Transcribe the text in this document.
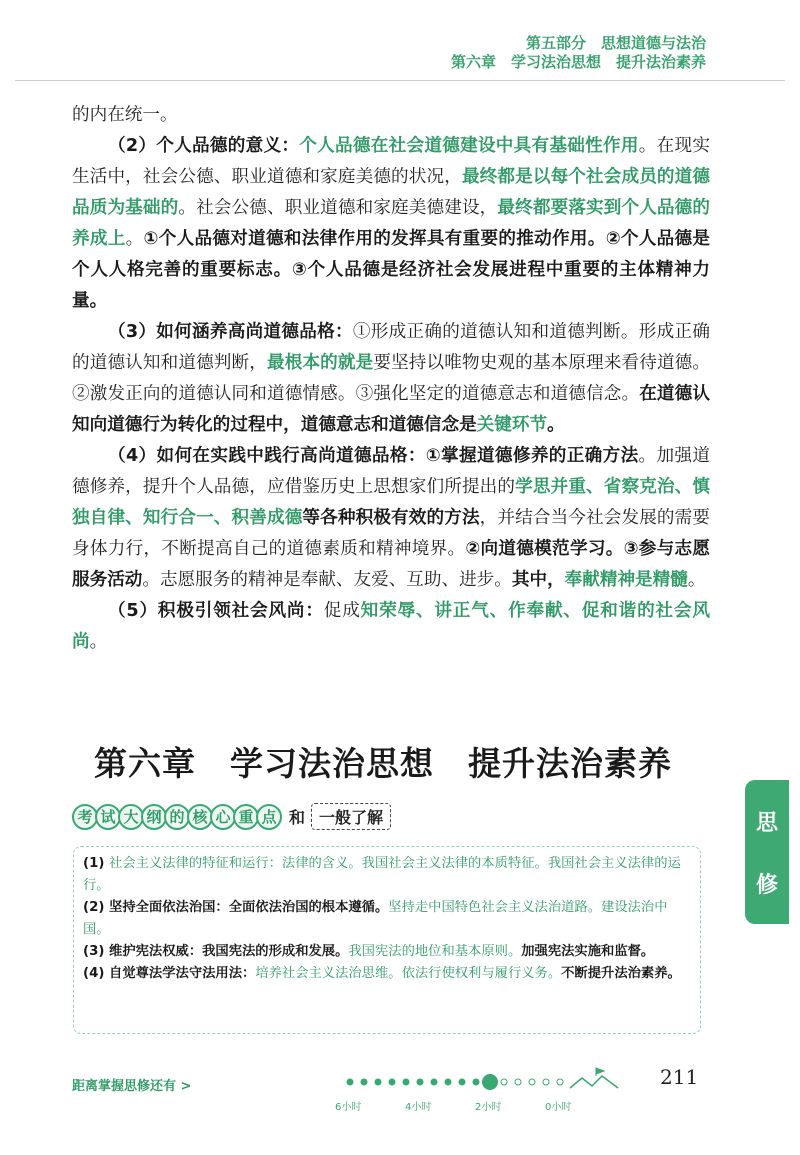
第五部分　思想道德与法治
第六章　学习法治思想　提升法治素养

的内在统一。

（2）个人品德的意义：个人品德在社会道德建设中具有基础性作用。在现实生活中，社会公德、职业道德和家庭美德的状况，最终都是以每个社会成员的道德品质为基础的。社会公德、职业道德和家庭美德建设，最终都要落实到个人品德的养成上。①个人品德对道德和法律作用的发挥具有重要的推动作用。②个人品德是个人人格完善的重要标志。③个人品德是经济社会发展进程中重要的主体精神力量。

（3）如何涵养高尚道德品格：①形成正确的道德认知和道德判断。形成正确的道德认知和道德判断，最根本的就是要坚持以唯物史观的基本原理来看待道德。②激发正向的道德认同和道德情感。③强化坚定的道德意志和道德信念。在道德认知向道德行为转化的过程中，道德意志和道德信念是关键环节。

（4）如何在实践中践行高尚道德品格：①掌握道德修养的正确方法。加强道德修养，提升个人品德，应借鉴历史上思想家们所提出的学思并重、省察克治、慎独自律、知行合一、积善成德等各种积极有效的方法，并结合当今社会发展的需要身体力行，不断提高自己的道德素质和精神境界。②向道德模范学习。③参与志愿服务活动。志愿服务的精神是奉献、友爱、互助、进步。其中，奉献精神是精髓。

（5）积极引领社会风尚：促成知荣辱、讲正气、作奉献、促和谐的社会风尚。

第六章　学习法治思想　提升法治素养
考 试 大 纲 的 核 心 重 点 和 一般了解

(1) 社会主义法律的特征和运行：法律的含义。我国社会主义法律的本质特征。我国社会主义法律的运行。

(2) 坚持全面依法治国：全面依法治国的根本遵循。坚持走中国特色社会主义法治道路。建设法治中国。

(3) 维护宪法权威：我国宪法的形成和发展。我国宪法的地位和基本原则。加强宪法实施和监督。

(4) 自觉尊法学法守法用法：培养社会主义法治思维。依法行使权利与履行义务。不断提升法治素养。

思
修
距离掌握思修还有 >
6小时	4小时	2小时	0小时
211
